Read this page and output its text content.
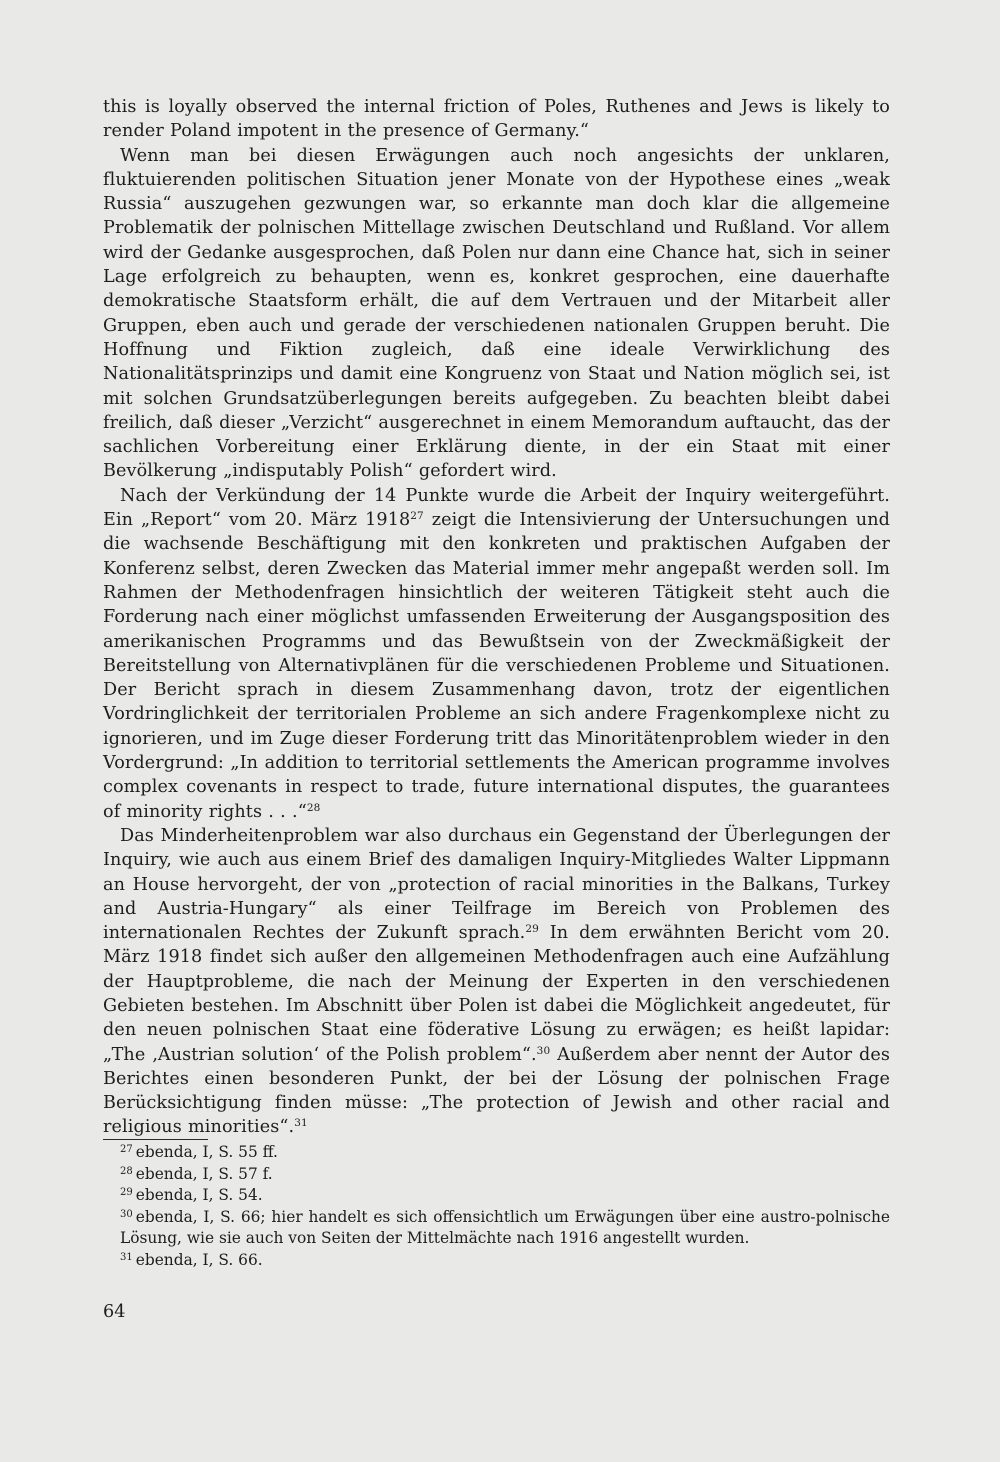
this is loyally observed the internal friction of Poles, Ruthenes and Jews is likely to render Poland impotent in the presence of Germany.“

Wenn man bei diesen Erwägungen auch noch angesichts der unklaren, fluktuierenden politischen Situation jener Monate von der Hypothese eines „weak Russia“ auszugehen gezwungen war, so erkannte man doch klar die allgemeine Problematik der polnischen Mittellage zwischen Deutschland und Rußland. Vor allem wird der Gedanke ausgesprochen, daß Polen nur dann eine Chance hat, sich in seiner Lage erfolgreich zu behaupten, wenn es, konkret gesprochen, eine dauerhafte demokratische Staatsform erhält, die auf dem Vertrauen und der Mitarbeit aller Gruppen, eben auch und gerade der verschiedenen nationalen Gruppen beruht. Die Hoffnung und Fiktion zugleich, daß eine ideale Verwirklichung des Nationalitätsprinzips und damit eine Kongruenz von Staat und Nation möglich sei, ist mit solchen Grundsatzüberlegungen bereits aufgegeben. Zu beachten bleibt dabei freilich, daß dieser „Verzicht“ ausgerechnet in einem Memorandum auftaucht, das der sachlichen Vorbereitung einer Erklärung diente, in der ein Staat mit einer Bevölkerung „indisputably Polish“ gefordert wird.

Nach der Verkündung der 14 Punkte wurde die Arbeit der Inquiry weitergeführt. Ein „Report“ vom 20. März 1918$^{27}$ zeigt die Intensivierung der Untersuchungen und die wachsende Beschäftigung mit den konkreten und praktischen Aufgaben der Konferenz selbst, deren Zwecken das Material immer mehr angepaßt werden soll. Im Rahmen der Methodenfragen hinsichtlich der weiteren Tätigkeit steht auch die Forderung nach einer möglichst umfassenden Erweiterung der Ausgangsposition des amerikanischen Programms und das Bewußtsein von der Zweckmäßigkeit der Bereitstellung von Alternativplänen für die verschiedenen Probleme und Situationen. Der Bericht sprach in diesem Zusammenhang davon, trotz der eigentlichen Vordringlichkeit der territorialen Probleme an sich andere Fragenkomplexe nicht zu ignorieren, und im Zuge dieser Forderung tritt das Minoritätenproblem wieder in den Vordergrund: „In addition to territorial settlements the American programme involves complex covenants in respect to trade, future international disputes, the guarantees of minority rights . . .“$^{28}$

Das Minderheitenproblem war also durchaus ein Gegenstand der Überlegungen der Inquiry, wie auch aus einem Brief des damaligen Inquiry-Mitgliedes Walter Lippmann an House hervorgeht, der von „protection of racial minorities in the Balkans, Turkey and Austria-Hungary“ als einer Teilfrage im Bereich von Problemen des internationalen Rechtes der Zukunft sprach.$^{29}$ In dem erwähnten Bericht vom 20. März 1918 findet sich außer den allgemeinen Methodenfragen auch eine Aufzählung der Hauptprobleme, die nach der Meinung der Experten in den verschiedenen Gebieten bestehen. Im Abschnitt über Polen ist dabei die Möglichkeit angedeutet, für den neuen polnischen Staat eine föderative Lösung zu erwägen; es heißt lapidar: „The ‚Austrian solution‘ of the Polish problem“.$^{30}$ Außerdem aber nennt der Autor des Berichtes einen besonderen Punkt, der bei der Lösung der polnischen Frage Berücksichtigung finden müsse: „The protection of Jewish and other racial and religious minorities“.$^{31}$

$^{27}$ ebenda, I, S. 55 ff.

$^{28}$ ebenda, I, S. 57 f.

$^{29}$ ebenda, I, S. 54.

$^{30}$ ebenda, I, S. 66; hier handelt es sich offensichtlich um Erwägungen über eine austro-polnische Lösung, wie sie auch von Seiten der Mittelmächte nach 1916 angestellt wurden.

$^{31}$ ebenda, I, S. 66.

64
